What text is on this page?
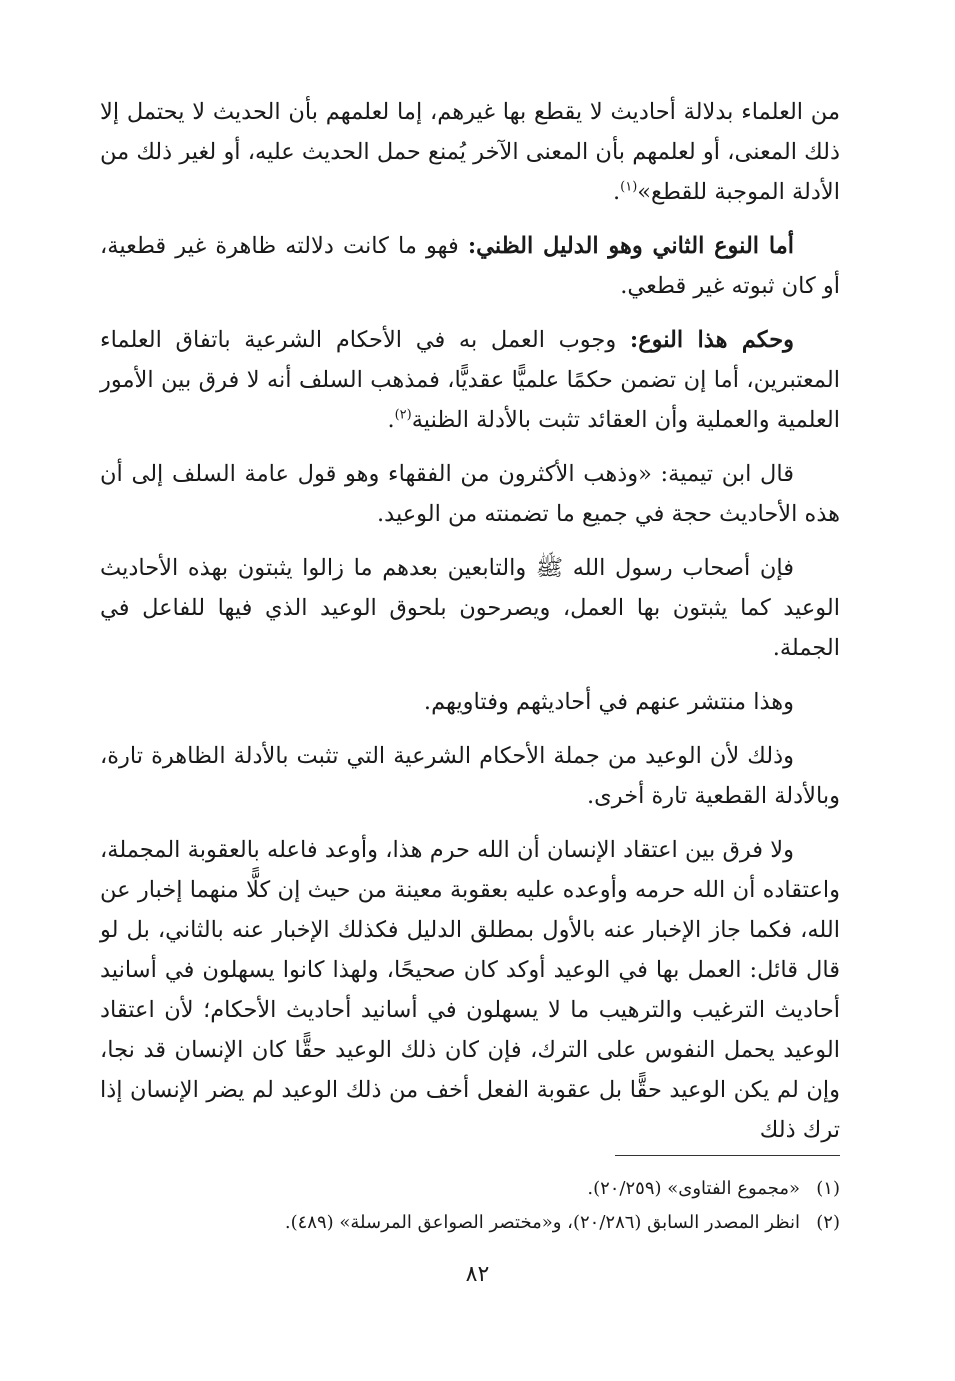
من العلماء بدلالة أحاديث لا يقطع بها غيرهم، إما لعلمهم بأن الحديث لا يحتمل إلا ذلك المعنى، أو لعلمهم بأن المعنى الآخر يُمنع حمل الحديث عليه، أو لغير ذلك من الأدلة الموجبة للقطع»$^{(١)}$.

أما النوع الثاني وهو الدليل الظني: فهو ما كانت دلالته ظاهرة غير قطعية، أو كان ثبوته غير قطعي.

وحكم هذا النوع: وجوب العمل به في الأحكام الشرعية باتفاق العلماء المعتبرين، أما إن تضمن حكمًا علميًّا عقديًّا، فمذهب السلف أنه لا فرق بين الأمور العلمية والعملية وأن العقائد تثبت بالأدلة الظنية$^{(٢)}$.

قال ابن تيمية: «وذهب الأكثرون من الفقهاء وهو قول عامة السلف إلى أن هذه الأحاديث حجة في جميع ما تضمنته من الوعيد.

فإن أصحاب رسول الله ﷺ والتابعين بعدهم ما زالوا يثبتون بهذه الأحاديث الوعيد كما يثبتون بها العمل، ويصرحون بلحوق الوعيد الذي فيها للفاعل في الجملة.

وهذا منتشر عنهم في أحاديثهم وفتاويهم.

وذلك لأن الوعيد من جملة الأحكام الشرعية التي تثبت بالأدلة الظاهرة تارة، وبالأدلة القطعية تارة أخرى.

ولا فرق بين اعتقاد الإنسان أن الله حرم هذا، وأوعد فاعله بالعقوبة المجملة، واعتقاده أن الله حرمه وأوعده عليه بعقوبة معينة من حيث إن كلًّا منهما إخبار عن الله، فكما جاز الإخبار عنه بالأول بمطلق الدليل فكذلك الإخبار عنه بالثاني، بل لو قال قائل: العمل بها في الوعيد أوكد كان صحيحًا، ولهذا كانوا يسهلون في أسانيد أحاديث الترغيب والترهيب ما لا يسهلون في أسانيد أحاديث الأحكام؛ لأن اعتقاد الوعيد يحمل النفوس على الترك، فإن كان ذلك الوعيد حقًّا كان الإنسان قد نجا، وإن لم يكن الوعيد حقًّا بل عقوبة الفعل أخف من ذلك الوعيد لم يضر الإنسان إذا ترك ذلك

(١)«مجموع الفتاوى» (٢٠/٢٥٩).

(٢)انظر المصدر السابق (٢٠/٢٨٦)، و«مختصر الصواعق المرسلة» (٤٨٩).

٨٢
